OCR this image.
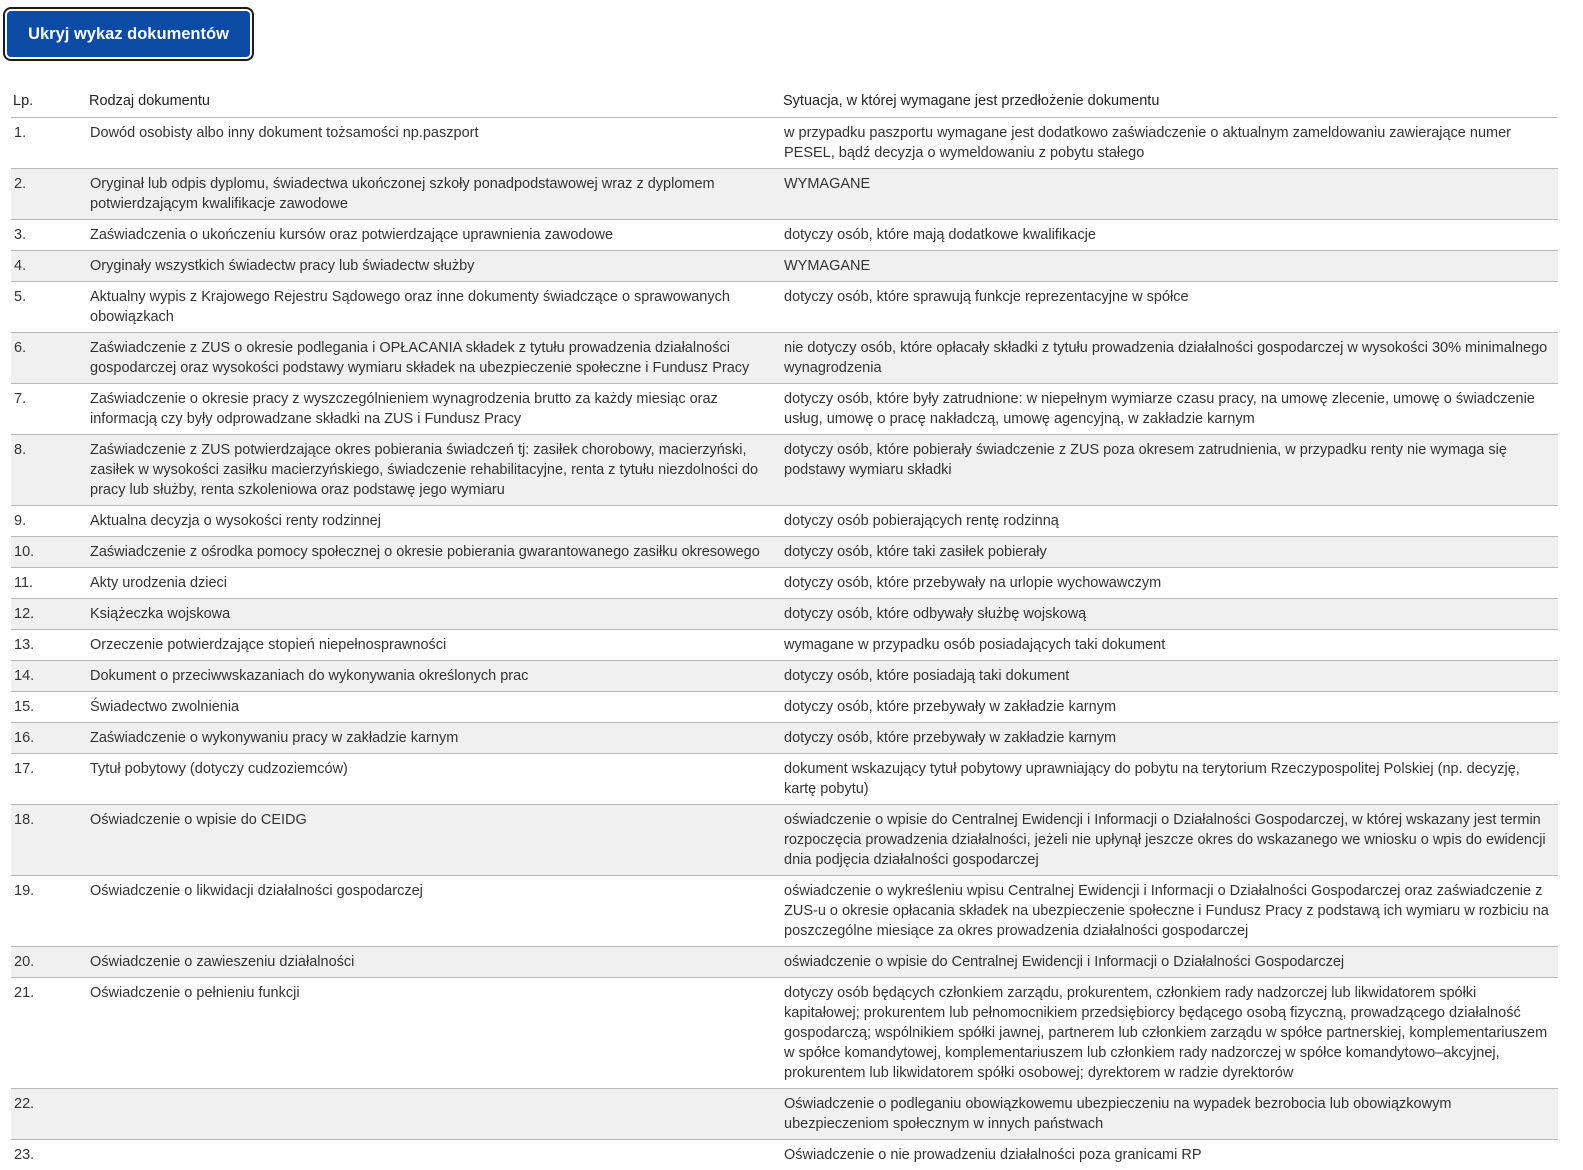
Ukryj wykaz dokumentów
Lp.	Rodzaj dokumentu	Sytuacja, w której wymagane jest przedłożenie dokumentu
1.	Dowód osobisty albo inny dokument tożsamości np.paszport	w przypadku paszportu wymagane jest dodatkowo zaświadczenie o aktualnym zameldowaniu zawierające numer PESEL, bądź decyzja o wymeldowaniu z pobytu stałego
2.	Oryginał lub odpis dyplomu, świadectwa ukończonej szkoły ponadpodstawowej wraz z dyplomem potwierdzającym kwalifikacje zawodowe	WYMAGANE
3.	Zaświadczenia o ukończeniu kursów oraz potwierdzające uprawnienia zawodowe	dotyczy osób, które mają dodatkowe kwalifikacje
4.	Oryginały wszystkich świadectw pracy lub świadectw służby	WYMAGANE
5.	Aktualny wypis z Krajowego Rejestru Sądowego oraz inne dokumenty świadczące o sprawowanych obowiązkach	dotyczy osób, które sprawują funkcje reprezentacyjne w spółce
6.	Zaświadczenie z ZUS o okresie podlegania i OPŁACANIA składek z tytułu prowadzenia działalności gospodarczej oraz wysokości podstawy wymiaru składek na ubezpieczenie społeczne i Fundusz Pracy	nie dotyczy osób, które opłacały składki z tytułu prowadzenia działalności gospodarczej w wysokości 30% minimalnego wynagrodzenia
7.	Zaświadczenie o okresie pracy z wyszczególnieniem wynagrodzenia brutto za każdy miesiąc oraz informacją czy były odprowadzane składki na ZUS i Fundusz Pracy	dotyczy osób, które były zatrudnione: w niepełnym wymiarze czasu pracy, na umowę zlecenie, umowę o świadczenie usług, umowę o pracę nakładczą, umowę agencyjną, w zakładzie karnym
8.	Zaświadczenie z ZUS potwierdzające okres pobierania świadczeń tj: zasiłek chorobowy, macierzyński, zasiłek w wysokości zasiłku macierzyńskiego, świadczenie rehabilitacyjne, renta z tytułu niezdolności do pracy lub służby, renta szkoleniowa oraz podstawę jego wymiaru	dotyczy osób, które pobierały świadczenie z ZUS poza okresem zatrudnienia, w przypadku renty nie wymaga się podstawy wymiaru składki
9.	Aktualna decyzja o wysokości renty rodzinnej	dotyczy osób pobierających rentę rodzinną
10.	Zaświadczenie z ośrodka pomocy społecznej o okresie pobierania gwarantowanego zasiłku okresowego	dotyczy osób, które taki zasiłek pobierały
11.	Akty urodzenia dzieci	dotyczy osób, które przebywały na urlopie wychowawczym
12.	Książeczka wojskowa	dotyczy osób, które odbywały służbę wojskową
13.	Orzeczenie potwierdzające stopień niepełnosprawności	wymagane w przypadku osób posiadających taki dokument
14.	Dokument o przeciwwskazaniach do wykonywania określonych prac	dotyczy osób, które posiadają taki dokument
15.	Świadectwo zwolnienia	dotyczy osób, które przebywały w zakładzie karnym
16.	Zaświadczenie o wykonywaniu pracy w zakładzie karnym	dotyczy osób, które przebywały w zakładzie karnym
17.	Tytuł pobytowy (dotyczy cudzoziemców)	dokument wskazujący tytuł pobytowy uprawniający do pobytu na terytorium Rzeczypospolitej Polskiej (np. decyzję, kartę pobytu)
18.	Oświadczenie o wpisie do CEIDG	oświadczenie o wpisie do Centralnej Ewidencji i Informacji o Działalności Gospodarczej, w której wskazany jest termin rozpoczęcia prowadzenia działalności, jeżeli nie upłynął jeszcze okres do wskazanego we wniosku o wpis do ewidencji dnia podjęcia działalności gospodarczej
19.	Oświadczenie o likwidacji działalności gospodarczej	oświadczenie o wykreśleniu wpisu Centralnej Ewidencji i Informacji o Działalności Gospodarczej oraz zaświadczenie z ZUS-u o okresie opłacania składek na ubezpieczenie społeczne i Fundusz Pracy z podstawą ich wymiaru w rozbiciu na poszczególne miesiące za okres prowadzenia działalności gospodarczej
20.	Oświadczenie o zawieszeniu działalności	oświadczenie o wpisie do Centralnej Ewidencji i Informacji o Działalności Gospodarczej
21.	Oświadczenie o pełnieniu funkcji	dotyczy osób będących członkiem zarządu, prokurentem, członkiem rady nadzorczej lub likwidatorem spółki kapitałowej; prokurentem lub pełnomocnikiem przedsiębiorcy będącego osobą fizyczną, prowadzącego działalność gospodarczą; wspólnikiem spółki jawnej, partnerem lub członkiem zarządu w spółce partnerskiej, komplementariuszem w spółce komandytowej, komplementariuszem lub członkiem rady nadzorczej w spółce komandytowo–akcyjnej, prokurentem lub likwidatorem spółki osobowej; dyrektorem w radzie dyrektorów
22.		Oświadczenie o podleganiu obowiązkowemu ubezpieczeniu na wypadek bezrobocia lub obowiązkowym ubezpieczeniom społecznym w innych państwach
23.		Oświadczenie o nie prowadzeniu działalności poza granicami RP
